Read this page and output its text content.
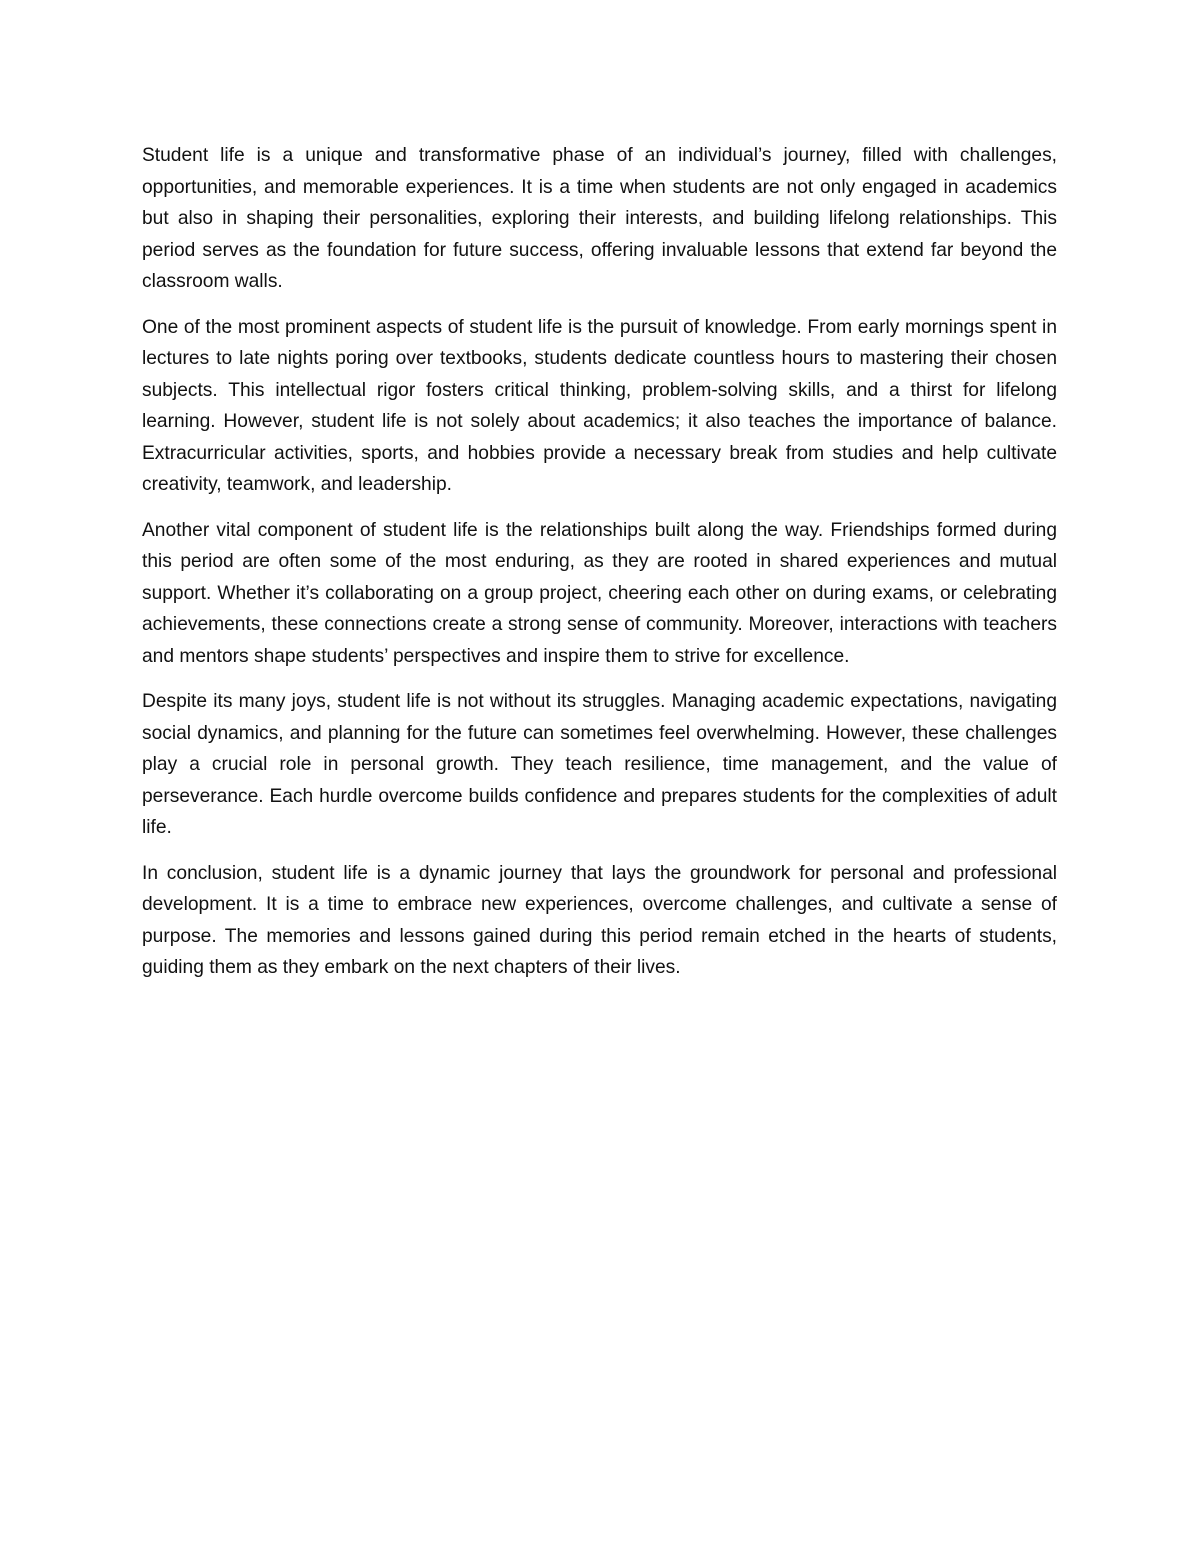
Student life is a unique and transformative phase of an individual’s journey, filled with challenges, opportunities, and memorable experiences. It is a time when students are not only engaged in academics but also in shaping their personalities, exploring their interests, and building lifelong relationships. This period serves as the foundation for future success, offering invaluable lessons that extend far beyond the classroom walls.

One of the most prominent aspects of student life is the pursuit of knowledge. From early mornings spent in lectures to late nights poring over textbooks, students dedicate countless hours to mastering their chosen subjects. This intellectual rigor fosters critical thinking, problem-solving skills, and a thirst for lifelong learning. However, student life is not solely about academics; it also teaches the importance of balance. Extracurricular activities, sports, and hobbies provide a necessary break from studies and help cultivate creativity, teamwork, and leadership.

Another vital component of student life is the relationships built along the way. Friendships formed during this period are often some of the most enduring, as they are rooted in shared experiences and mutual support. Whether it’s collaborating on a group project, cheering each other on during exams, or celebrating achievements, these connections create a strong sense of community. Moreover, interactions with teachers and mentors shape students’ perspectives and inspire them to strive for excellence.

Despite its many joys, student life is not without its struggles. Managing academic expectations, navigating social dynamics, and planning for the future can sometimes feel overwhelming. However, these challenges play a crucial role in personal growth. They teach resilience, time management, and the value of perseverance. Each hurdle overcome builds confidence and prepares students for the complexities of adult life.

In conclusion, student life is a dynamic journey that lays the groundwork for personal and professional development. It is a time to embrace new experiences, overcome challenges, and cultivate a sense of purpose. The memories and lessons gained during this period remain etched in the hearts of students, guiding them as they embark on the next chapters of their lives.
